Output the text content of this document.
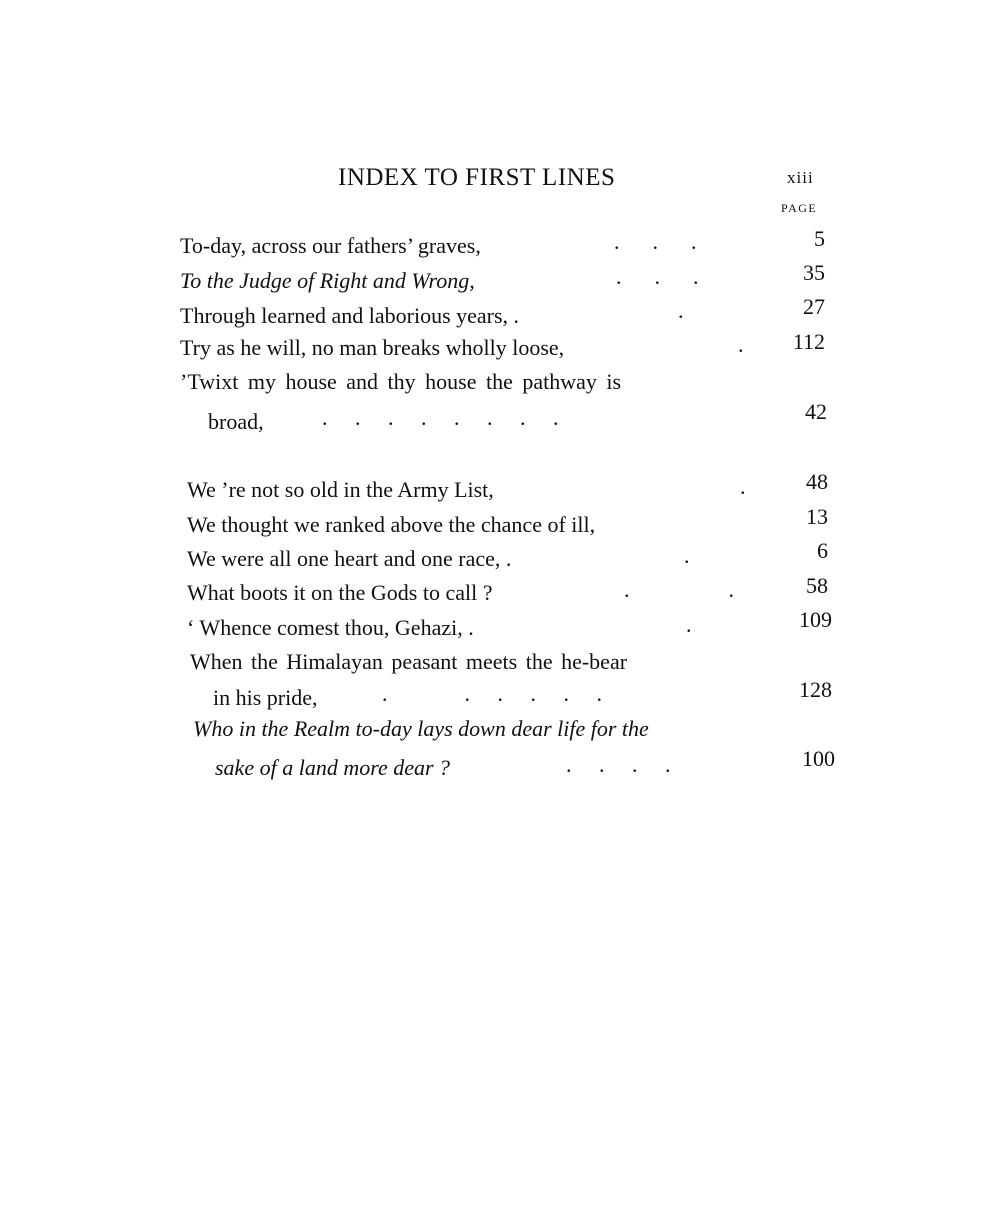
INDEX TO FIRST LINES	xiii
PAGE
To-day, across our fathers’ graves,	.      .      .	5
To the Judge of Right and Wrong,	.      .      .	35
Through learned and laborious years, .	.	27
Try as he will, no man breaks wholly loose,	.	112
’Twixt my house and thy house the pathway is
broad,	.     .     .     .     .     .     .     .	42
We ’re not so old in the Army List,	.	48
We thought we ranked above the chance of ill,	13
We were all one heart and one race, .	.	6
What boots it on the Gods to call ?	.                  .	58
‘ Whence comest thou, Gehazi, .	.	109
When the Himalayan peasant meets the he-bear
in his pride,	.              .     .     .     .     .	128
Who in the Realm to-day lays down dear life for the
sake of a land more dear ?	.     .     .     .	100
